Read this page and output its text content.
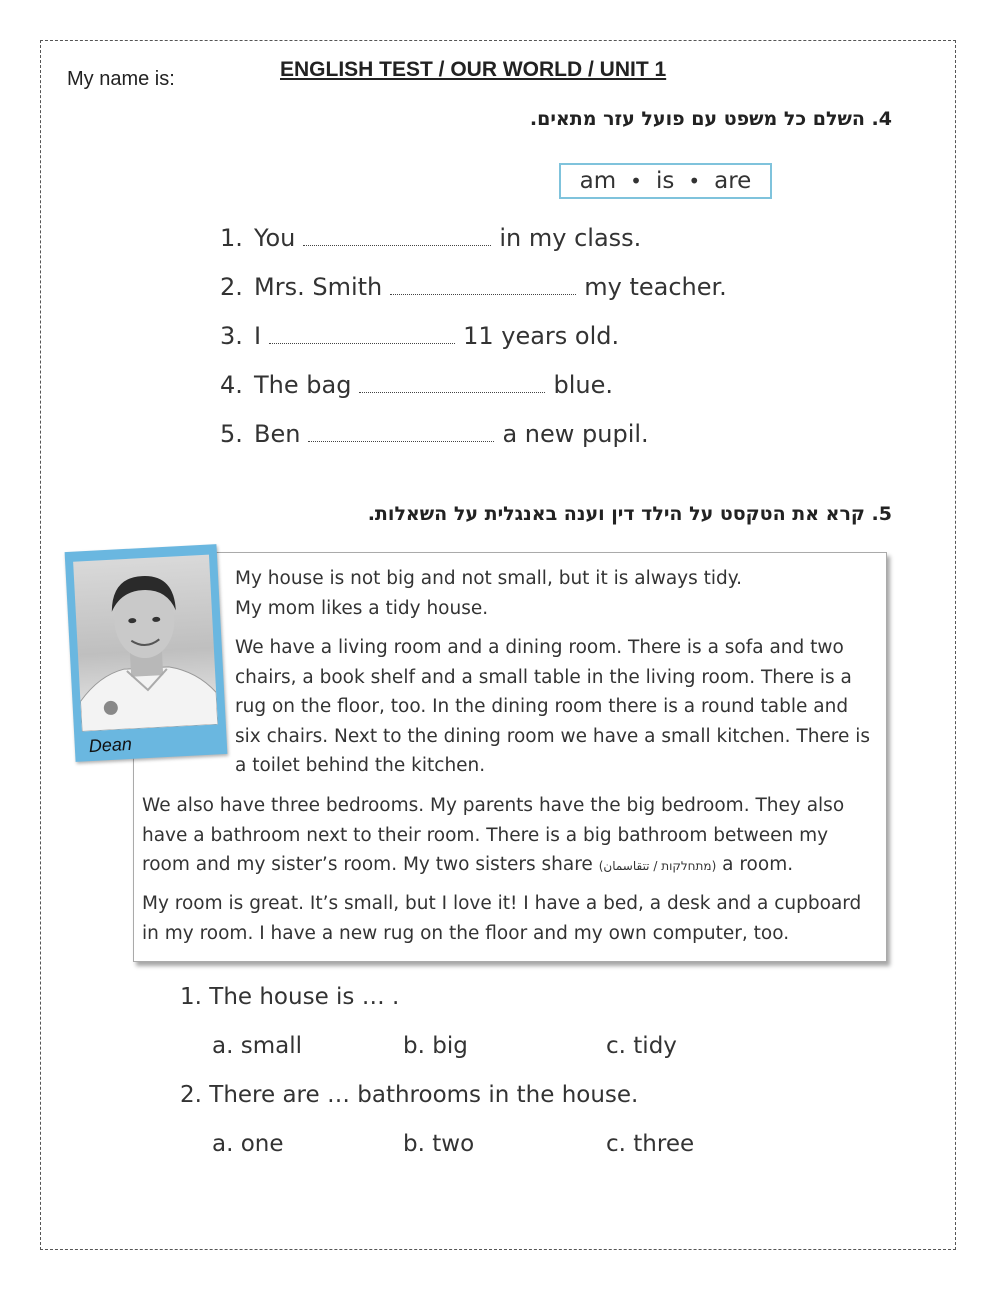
My name is:	ENGLISH TEST / OUR WORLD / UNIT 1
4. השלם כל משפט עם פועל עזר מתאים.
am • is • are
1. You	in my class.
2. Mrs. Smith	my teacher.
3. I	11 years old.
4. The bag	blue.
5. Ben	a new pupil.
5. קרא את הטקסט על הילד דין וענה באנגלית על השאלות.
My house is not big and not small, but it is always tidy.
My mom likes a tidy house.
We have a living room and a dining room. There is a sofa and two chairs, a book shelf and a small table in the living room. There is a rug on the floor, too. In the dining room there is a round table and six chairs. Next to the dining room we have a small kitchen. There is a toilet behind the kitchen.
We also have three bedrooms. My parents have the big bedroom. They also have a bathroom next to their room. There is a big bathroom between my room and my sister’s room. My two sisters share (מתחלקות / تتقاسمان) a room.
My room is great. It’s small, but I love it! I have a bed, a desk and a cupboard in my room. I have a new rug on the floor and my own computer, too.
Dean
1. The house is … .
a. small	b. big	c. tidy
2. There are … bathrooms in the house.
a. one	b. two	c. three
